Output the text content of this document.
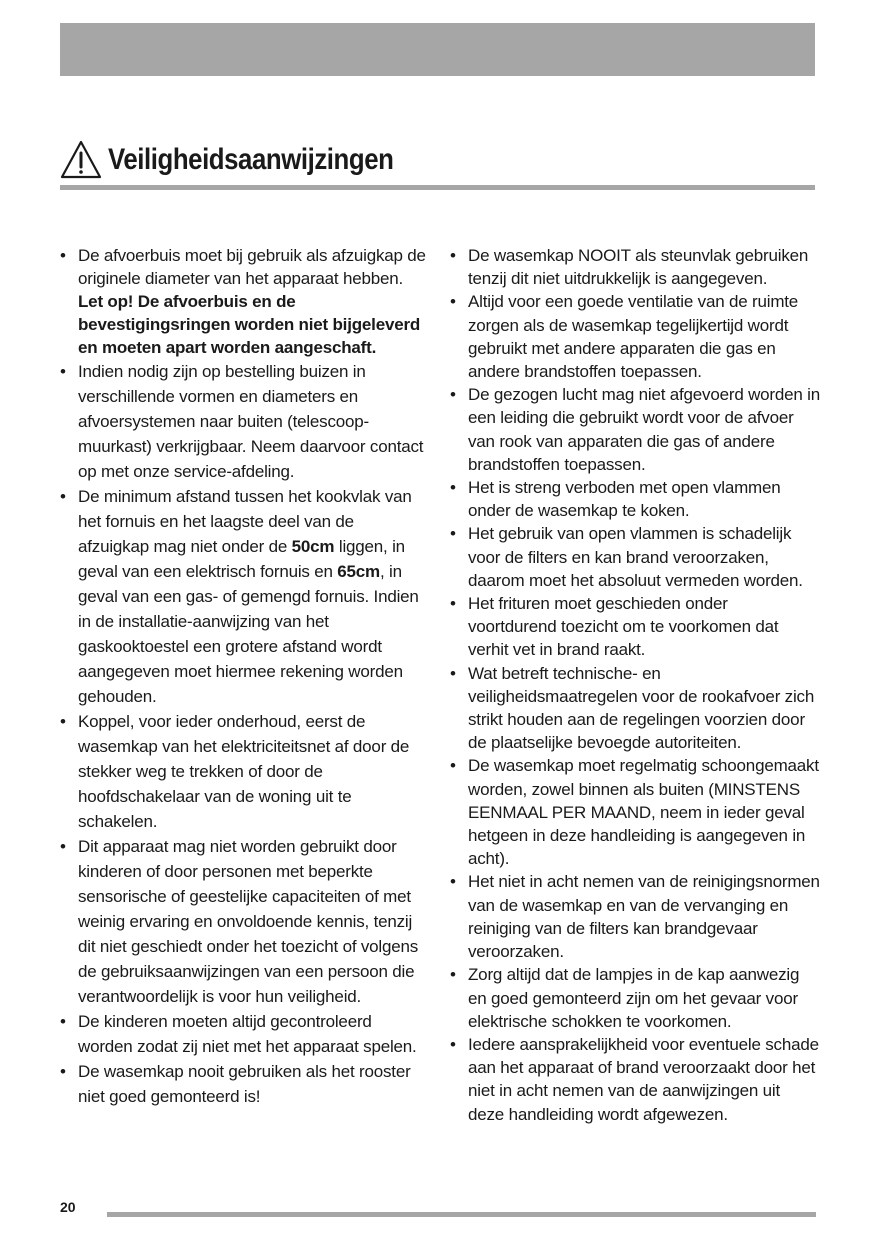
Veiligheidsaanwijzingen
• De afvoerbuis moet bij gebruik als afzuigkap de originele diameter van het apparaat hebben.
Let op! De afvoerbuis en de bevestigingsringen worden niet bijgeleverd en moeten apart worden aangeschaft.
• Indien nodig zijn op bestelling buizen in verschillende vormen en diameters en afvoersystemen naar buiten (telescoop-muurkast) verkrijgbaar. Neem daarvoor contact op met onze service-afdeling.
• De minimum afstand tussen het kookvlak van het fornuis en het laagste deel van de afzuigkap mag niet onder de 50cm liggen, in geval van een elektrisch fornuis en 65cm, in geval van een gas- of gemengd fornuis. Indien in de installatie-aanwijzing van het gaskooktoestel een grotere afstand wordt aangegeven moet hiermee rekening worden gehouden.
• Koppel, voor ieder onderhoud, eerst de wasemkap van het elektriciteitsnet af door de stekker weg te trekken of door de hoofdschakelaar van de woning uit te schakelen.
• Dit apparaat mag niet worden gebruikt door kinderen of door personen met beperkte sensorische of geestelijke capaciteiten of met weinig ervaring en onvoldoende kennis, tenzij dit niet geschiedt onder het toezicht of volgens de gebruiksaanwijzingen van een persoon die verantwoordelijk is voor hun veiligheid.
• De kinderen moeten altijd gecontroleerd worden zodat zij niet met het apparaat spelen.
• De wasemkap nooit gebruiken als het rooster niet goed gemonteerd is!
• De wasemkap NOOIT als steunvlak gebruiken tenzij dit niet uitdrukkelijk is aangegeven.
• Altijd voor een goede ventilatie van de ruimte zorgen als de wasemkap tegelijkertijd wordt gebruikt met andere apparaten die gas en andere brandstoffen toepassen.
• De gezogen lucht mag niet afgevoerd worden in een leiding die gebruikt wordt voor de afvoer van rook van apparaten die gas of andere brandstoffen toepassen.
• Het is streng verboden met open vlammen onder de wasemkap te koken.
• Het gebruik van open vlammen is schadelijk voor de filters en kan brand veroorzaken, daarom moet het absoluut vermeden worden.
• Het frituren moet geschieden onder voortdurend toezicht om te voorkomen dat verhit vet in brand raakt.
• Wat betreft technische- en veiligheidsmaatregelen voor de rookafvoer zich strikt houden aan de regelingen voorzien door de plaatselijke bevoegde autoriteiten.
• De wasemkap moet regelmatig schoongemaakt worden, zowel binnen als buiten (MINSTENS EENMAAL PER MAAND, neem in ieder geval hetgeen in deze handleiding is aangegeven in acht).
• Het niet in acht nemen van de reinigingsnormen van de wasemkap en van de vervanging en reiniging van de filters kan brandgevaar veroorzaken.
• Zorg altijd dat de lampjes in de kap aanwezig en goed gemonteerd zijn om het gevaar voor elektrische schokken te voorkomen.
• Iedere aansprakelijkheid voor eventuele schade aan het apparaat of brand veroorzaakt door het niet in acht nemen van de aanwijzingen uit deze handleiding wordt afgewezen.
20
